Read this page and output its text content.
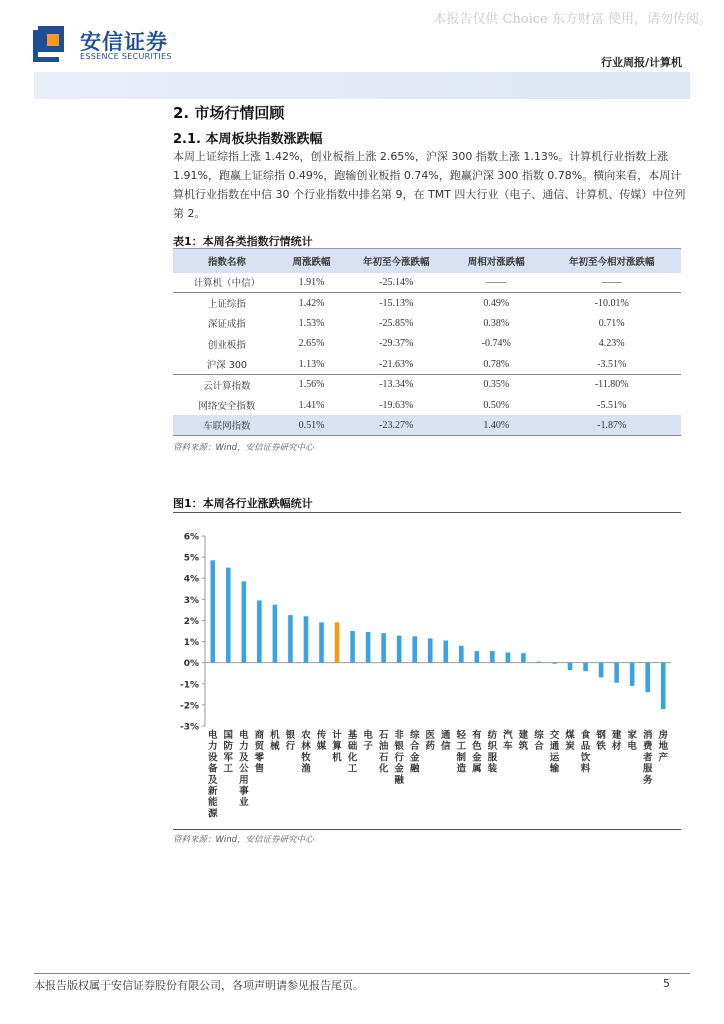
本报告仅供 Choice 东方财富 使用，请勿传阅。
安信证券
ESSENCE SECURITIES	行业周报/计算机
2. 市场行情回顾
2.1. 本周板块指数涨跌幅
本周上证综指上涨 1.42%，创业板指上涨 2.65%，沪深 300 指数上涨 1.13%。计算机行业指数上涨 1.91%，跑赢上证综指 0.49%，跑输创业板指 0.74%，跑赢沪深 300 指数 0.78%。横向来看，本周计算机行业指数在中信 30 个行业指数中排名第 9，在 TMT 四大行业（电子、通信、计算机、传媒）中位列第 2。
表1：本周各类指数行情统计
指数名称	周涨跌幅	年初至今涨跌幅	周相对涨跌幅	年初至今相对涨跌幅
计算机（中信）	1.91%	-25.14%	——	——
上证综指	1.42%	-15.13%	0.49%	-10.01%
深证成指	1.53%	-25.85%	0.38%	0.71%
创业板指	2.65%	-29.37%	-0.74%	4.23%
沪深 300	1.13%	-21.63%	0.78%	-3.51%
云计算指数	1.56%	-13.34%	0.35%	-11.80%
网络安全指数	1.41%	-19.63%	0.50%	-5.51%
车联网指数	0.51%	-23.27%	1.40%	-1.87%
资料来源：Wind，安信证券研究中心
图1：本周各行业涨跌幅统计
6%
5%
4%
3%
2%
1%
0%
-1%
-2%
-3%
电力设备及新能源
国防军工
电力及公用事业
商贸零售
机械
银行
农林牧渔
传媒
计算机
基础化工
电子
石油石化
非银行金融
综合金融
医药
通信
轻工制造
有色金属
纺织服装
汽车
建筑
综合
交通运输
煤炭
食品饮料
钢铁
建材
家电
消费者服务
房地产
资料来源：Wind，安信证券研究中心
本报告版权属于安信证券股份有限公司，各项声明请参见报告尾页。	5
